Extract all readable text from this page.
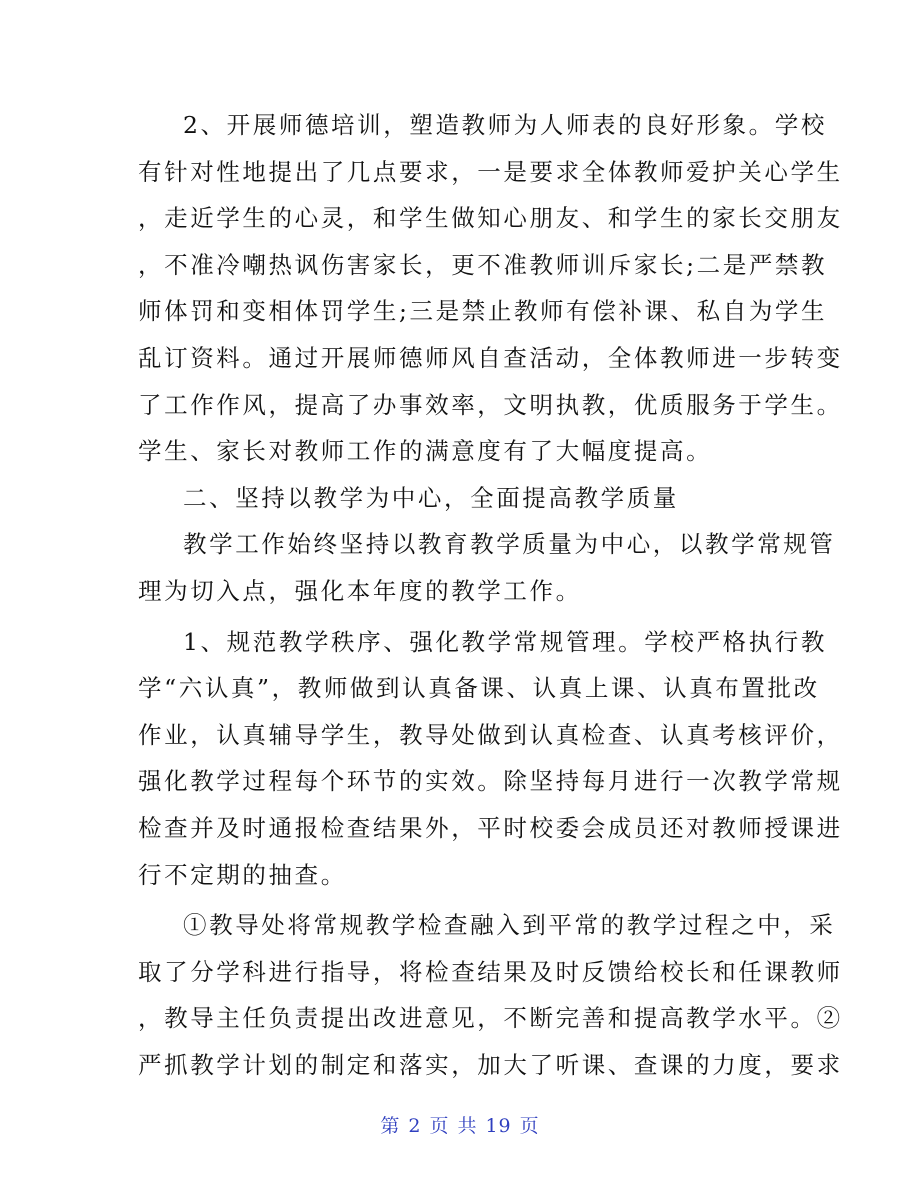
2、开展师德培训，塑造教师为人师表的良好形象。学校
有针对性地提出了几点要求，一是要求全体教师爱护关心学生
，走近学生的心灵，和学生做知心朋友、和学生的家长交朋友
，不准冷嘲热讽伤害家长，更不准教师训斥家长;二是严禁教
师体罚和变相体罚学生;三是禁止教师有偿补课、私自为学生
乱订资料。通过开展师德师风自查活动，全体教师进一步转变
了工作作风，提高了办事效率，文明执教，优质服务于学生。
学生、家长对教师工作的满意度有了大幅度提高。
二、坚持以教学为中心，全面提高教学质量
教学工作始终坚持以教育教学质量为中心，以教学常规管
理为切入点，强化本年度的教学工作。
1、规范教学秩序、强化教学常规管理。学校严格执行教
学“六认真”，教师做到认真备课、认真上课、认真布置批改
作业，认真辅导学生，教导处做到认真检查、认真考核评价，
强化教学过程每个环节的实效。除坚持每月进行一次教学常规
检查并及时通报检查结果外，平时校委会成员还对教师授课进
行不定期的抽查。
①教导处将常规教学检查融入到平常的教学过程之中，采
取了分学科进行指导，将检查结果及时反馈给校长和任课教师
，教导主任负责提出改进意见，不断完善和提高教学水平。②
严抓教学计划的制定和落实，加大了听课、查课的力度，要求
第 2 页 共 19 页
